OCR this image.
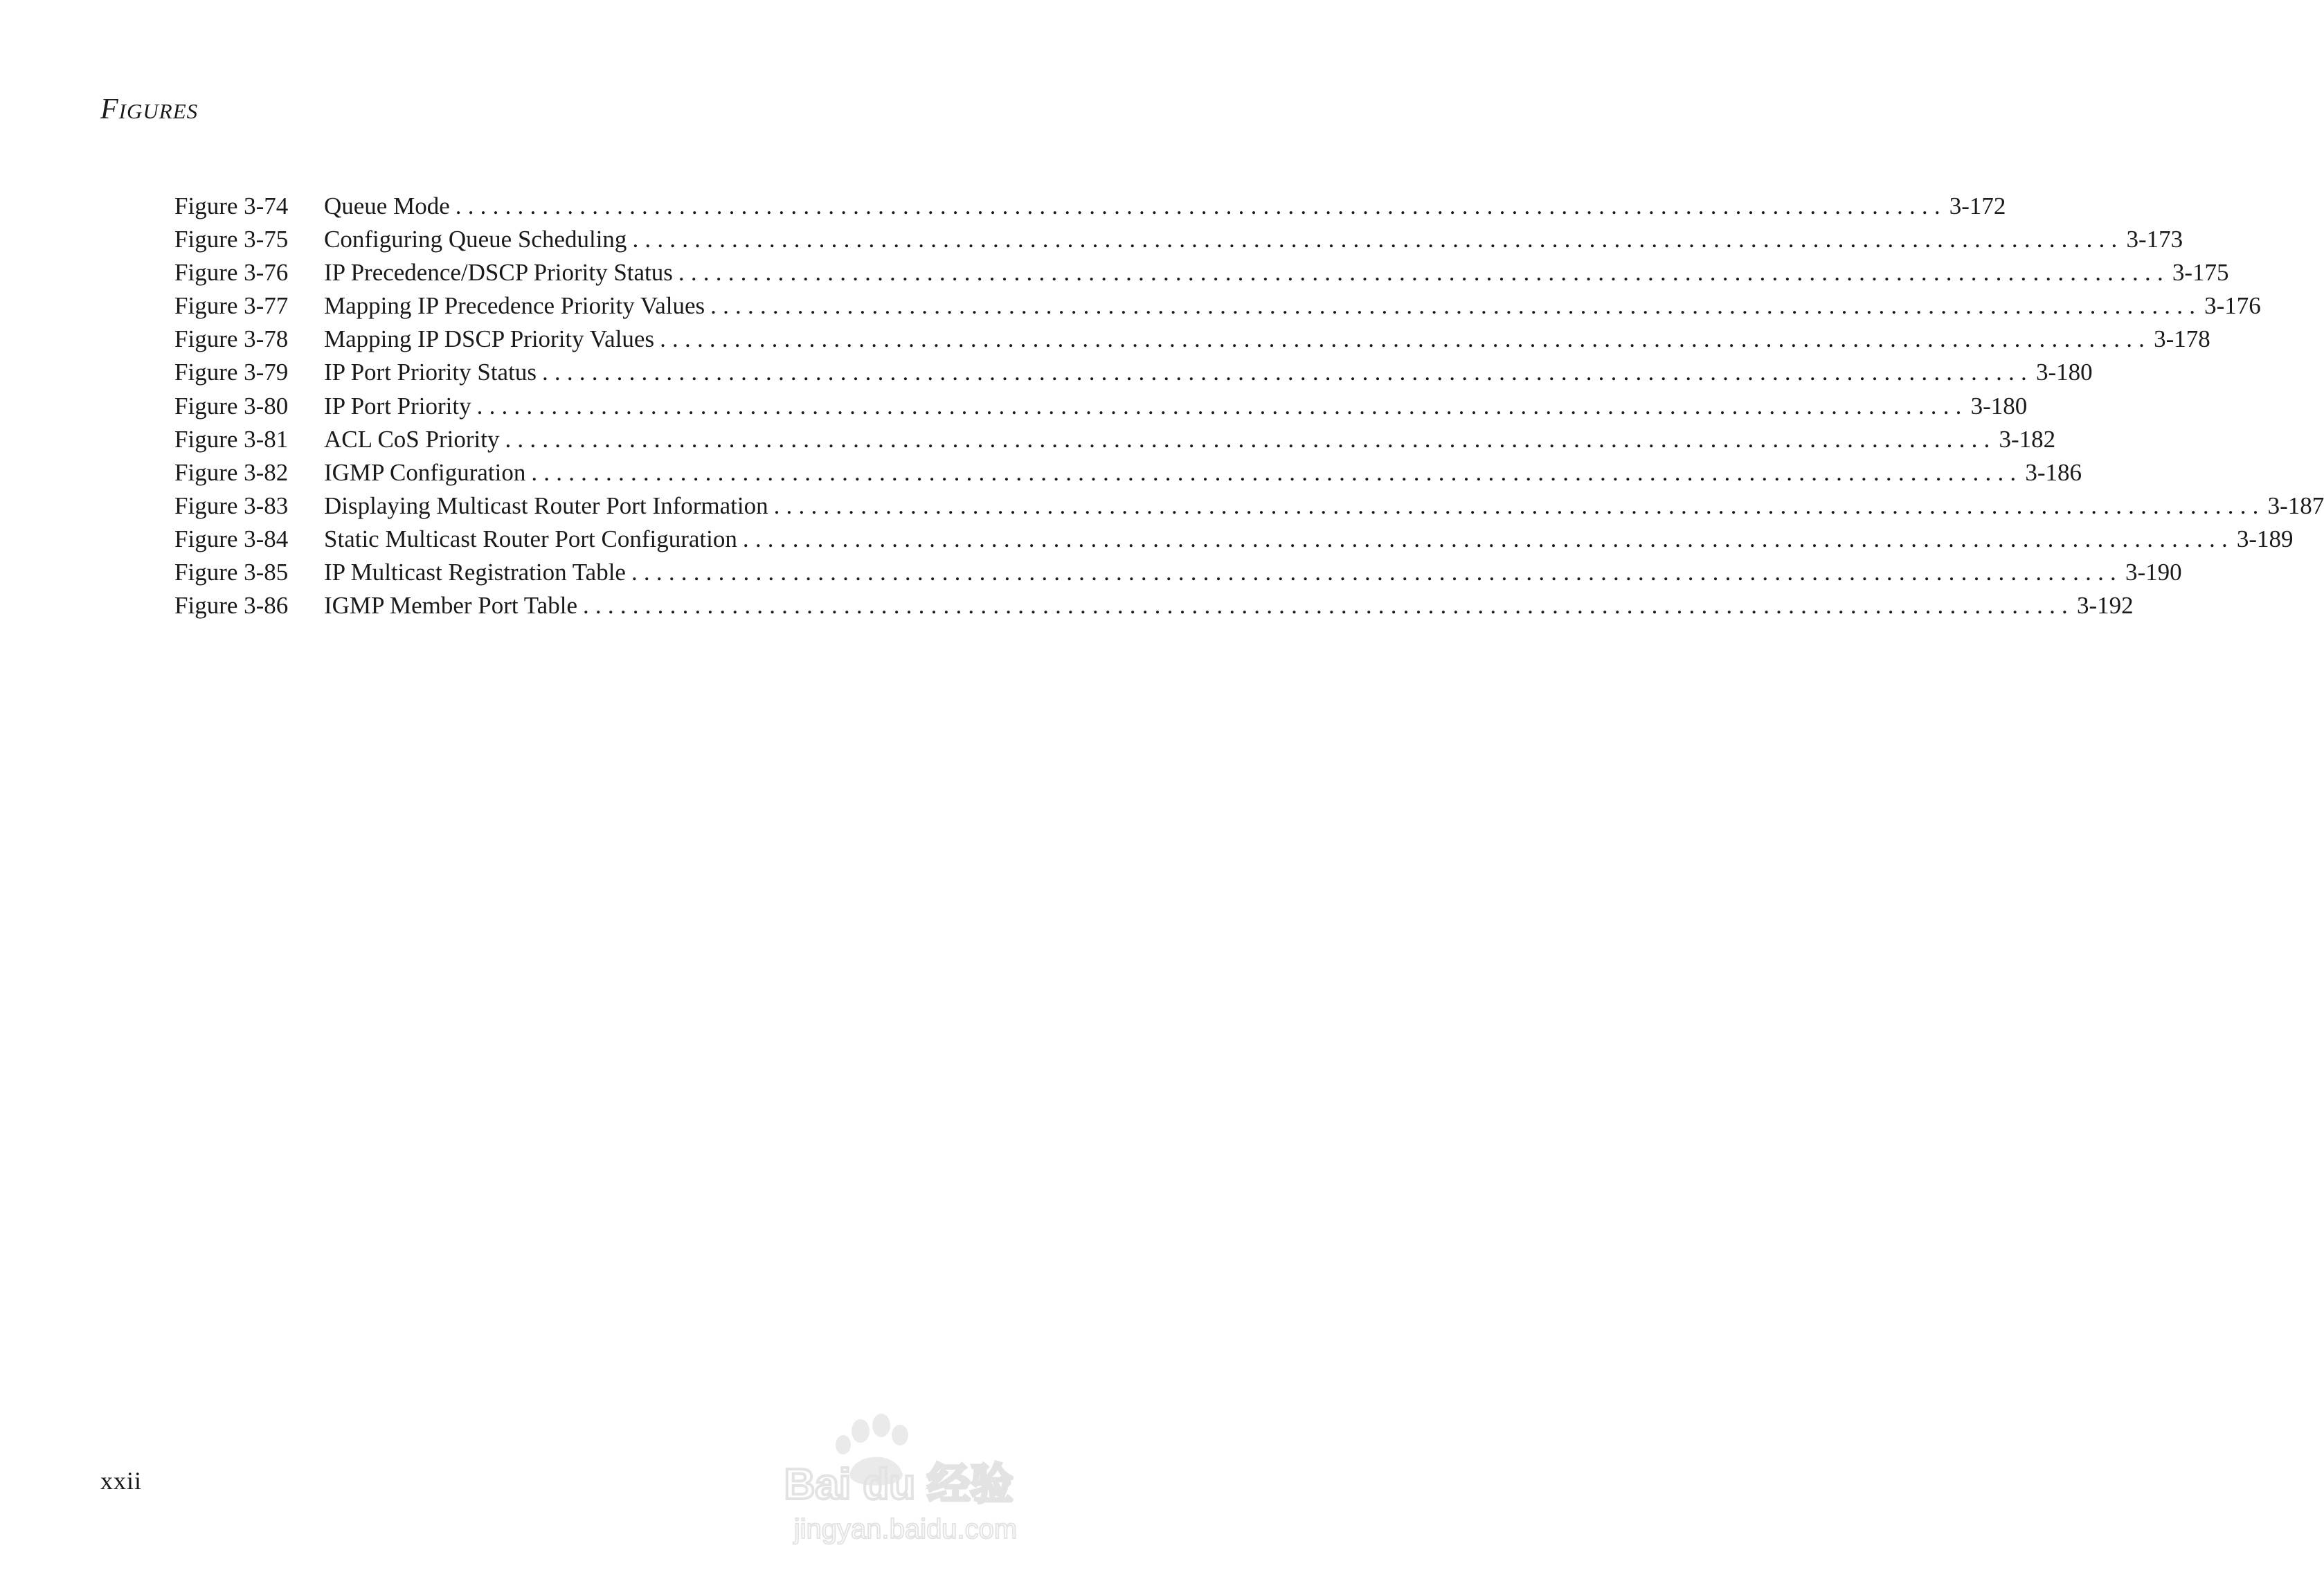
FIGURES
Figure 3-74	Queue Mode ........................................................................................................................ 3-172
Figure 3-75	Configuring Queue Scheduling ........................................................................................................................ 3-173
Figure 3-76	IP Precedence/DSCP Priority Status ........................................................................................................................ 3-175
Figure 3-77	Mapping IP Precedence Priority Values ........................................................................................................................ 3-176
Figure 3-78	Mapping IP DSCP Priority Values ........................................................................................................................ 3-178
Figure 3-79	IP Port Priority Status ........................................................................................................................ 3-180
Figure 3-80	IP Port Priority ........................................................................................................................ 3-180
Figure 3-81	ACL CoS Priority ........................................................................................................................ 3-182
Figure 3-82	IGMP Configuration ........................................................................................................................ 3-186
Figure 3-83	Displaying Multicast Router Port Information ........................................................................................................................ 3-187
Figure 3-84	Static Multicast Router Port Configuration ........................................................................................................................ 3-189
Figure 3-85	IP Multicast Registration Table ........................................................................................................................ 3-190
Figure 3-86	IGMP Member Port Table ........................................................................................................................ 3-192
xxii	Bai du 经验
jingyan.baidu.com
